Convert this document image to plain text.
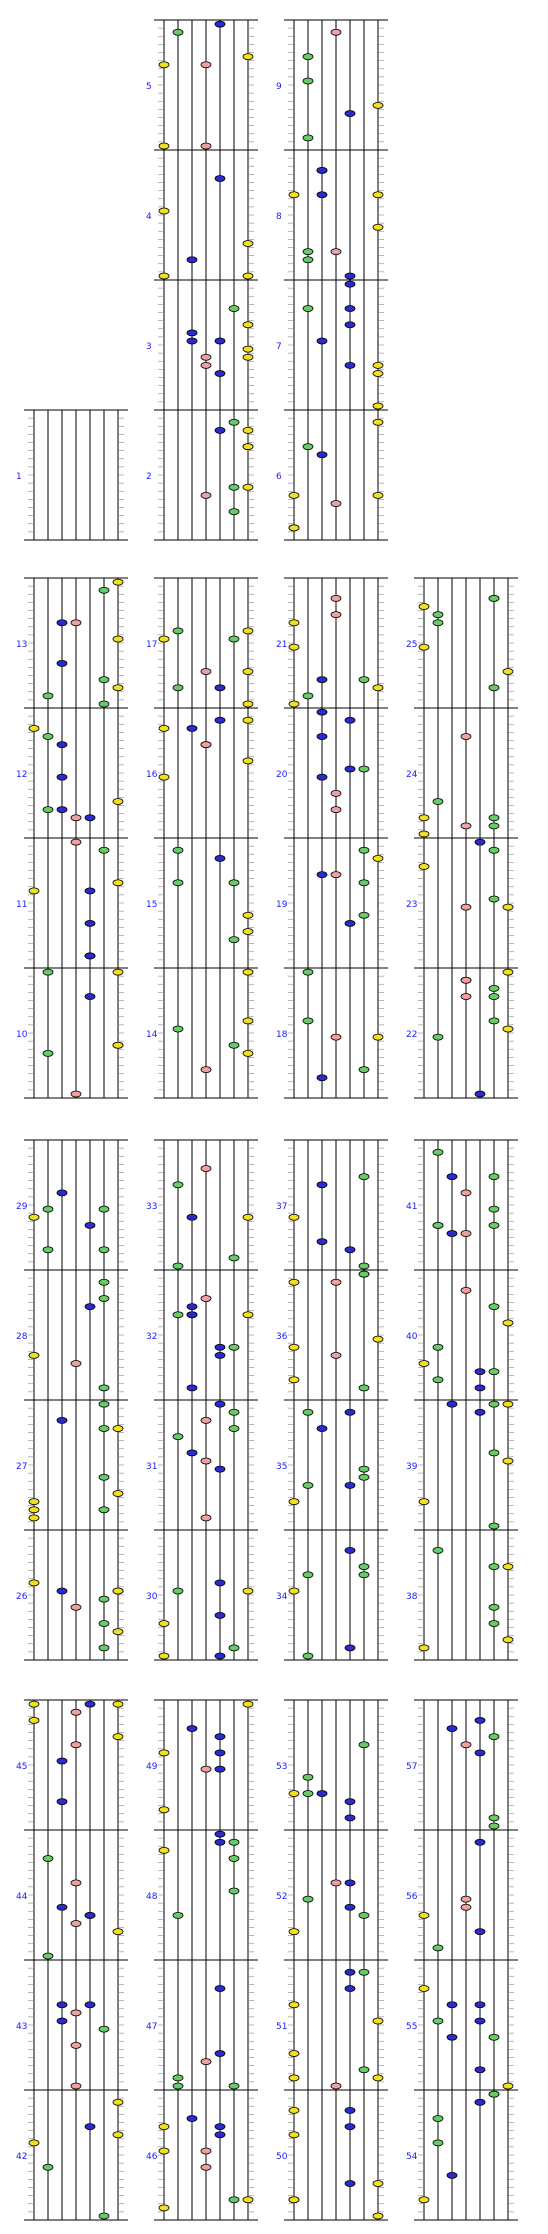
1	2
3
4
5
6
7
8
9
10
11
12
13
14
15
16
17
18
19
20
21
22
23
24
25
26
27
28
29
30
31
32
33
34
35
36
37
38
39
40
41
42
43
44
45
46
47
48
49
50
51
52
53
54
55
56
57
